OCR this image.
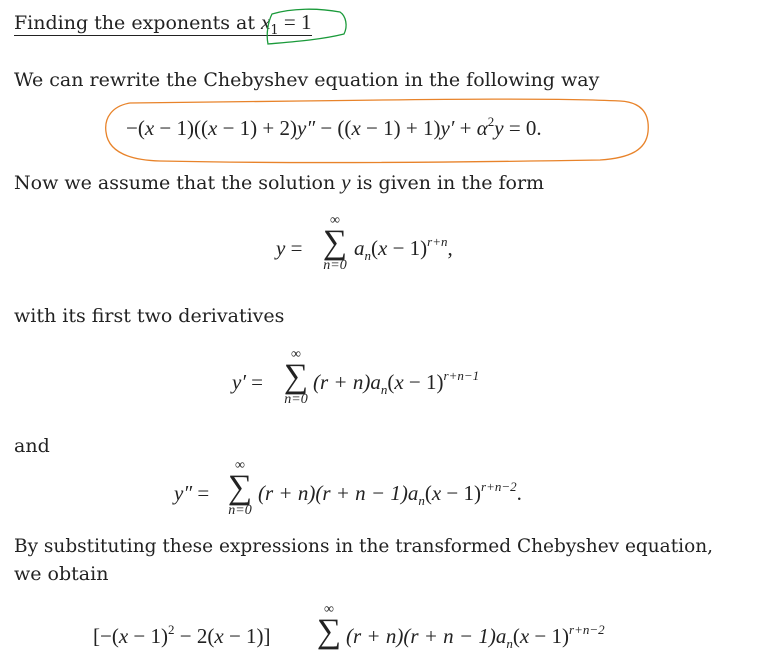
Finding the exponents at $x_1 = 1$
We can rewrite the Chebyshev equation in the following way
$-(x - 1)((x - 1) + 2)y'' - ((x - 1) + 1)y' + \alpha^2y = 0$.
Now we assume that the solution y is given in the form
y =
∞
∑
n=0
$a_n(x - 1)^{r+n}$,
with its first two derivatives
y′ =
∞
∑
n=0
$(r + n)a_n(x - 1)^{r+n-1}$
and
y″ =
∞
∑
n=0
$(r + n)(r + n - 1)a_n(x - 1)^{r+n-2}$.
By substituting these expressions in the transformed Chebyshev equation,
we obtain
$[-(x - 1)^2 - 2(x - 1)]$
∞
∑ $(r + n)(r + n - 1)a_n(x - 1)^{r+n-2}$
